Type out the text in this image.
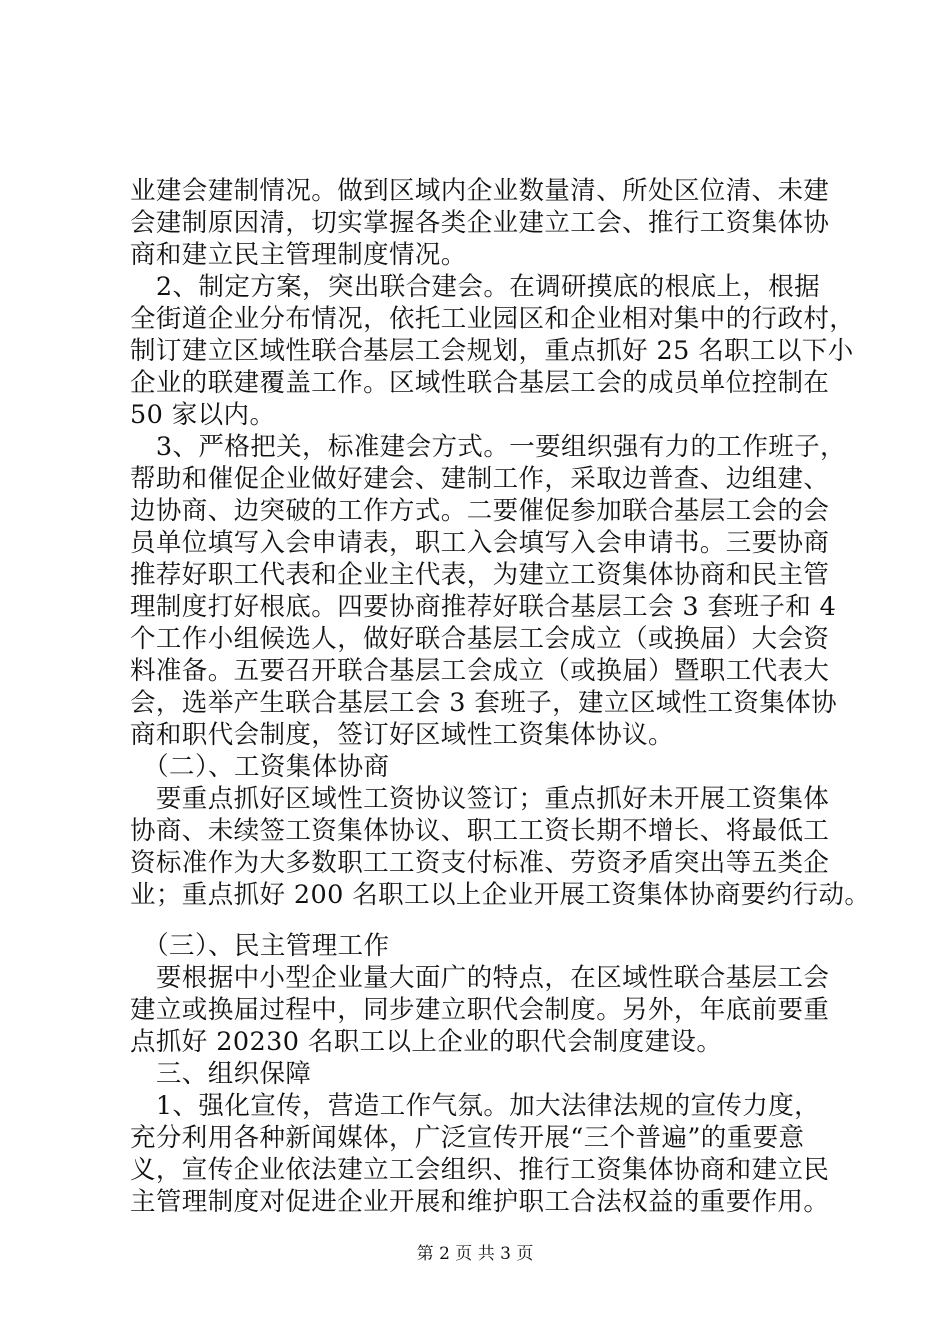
业建会建制情况。做到区域内企业数量清、所处区位清、未建
会建制原因清，切实掌握各类企业建立工会、推行工资集体协
商和建立民主管理制度情况。
　2、制定方案，突出联合建会。在调研摸底的根底上，根据
全街道企业分布情况，依托工业园区和企业相对集中的行政村，
制订建立区域性联合基层工会规划，重点抓好 25 名职工以下小
企业的联建覆盖工作。区域性联合基层工会的成员单位控制在
50 家以内。
　3、严格把关，标准建会方式。一要组织强有力的工作班子，
帮助和催促企业做好建会、建制工作，采取边普查、边组建、
边协商、边突破的工作方式。二要催促参加联合基层工会的会
员单位填写入会申请表，职工入会填写入会申请书。三要协商
推荐好职工代表和企业主代表，为建立工资集体协商和民主管
理制度打好根底。四要协商推荐好联合基层工会 3 套班子和 4
个工作小组候选人，做好联合基层工会成立（或换届）大会资
料准备。五要召开联合基层工会成立（或换届）暨职工代表大
会，选举产生联合基层工会 3 套班子，建立区域性工资集体协
商和职代会制度，签订好区域性工资集体协议。
　（二）、工资集体协商
　要重点抓好区域性工资协议签订；重点抓好未开展工资集体
协商、未续签工资集体协议、职工工资长期不增长、将最低工
资标准作为大多数职工工资支付标准、劳资矛盾突出等五类企
业；重点抓好 200 名职工以上企业开展工资集体协商要约行动。
　（三）、民主管理工作
　要根据中小型企业量大面广的特点，在区域性联合基层工会
建立或换届过程中，同步建立职代会制度。另外，年底前要重
点抓好 20230 名职工以上企业的职代会制度建设。
　三、组织保障
　1、强化宣传，营造工作气氛。加大法律法规的宣传力度，
充分利用各种新闻媒体，广泛宣传开展“三个普遍”的重要意
义，宣传企业依法建立工会组织、推行工资集体协商和建立民
主管理制度对促进企业开展和维护职工合法权益的重要作用。
第 2 页 共 3 页
